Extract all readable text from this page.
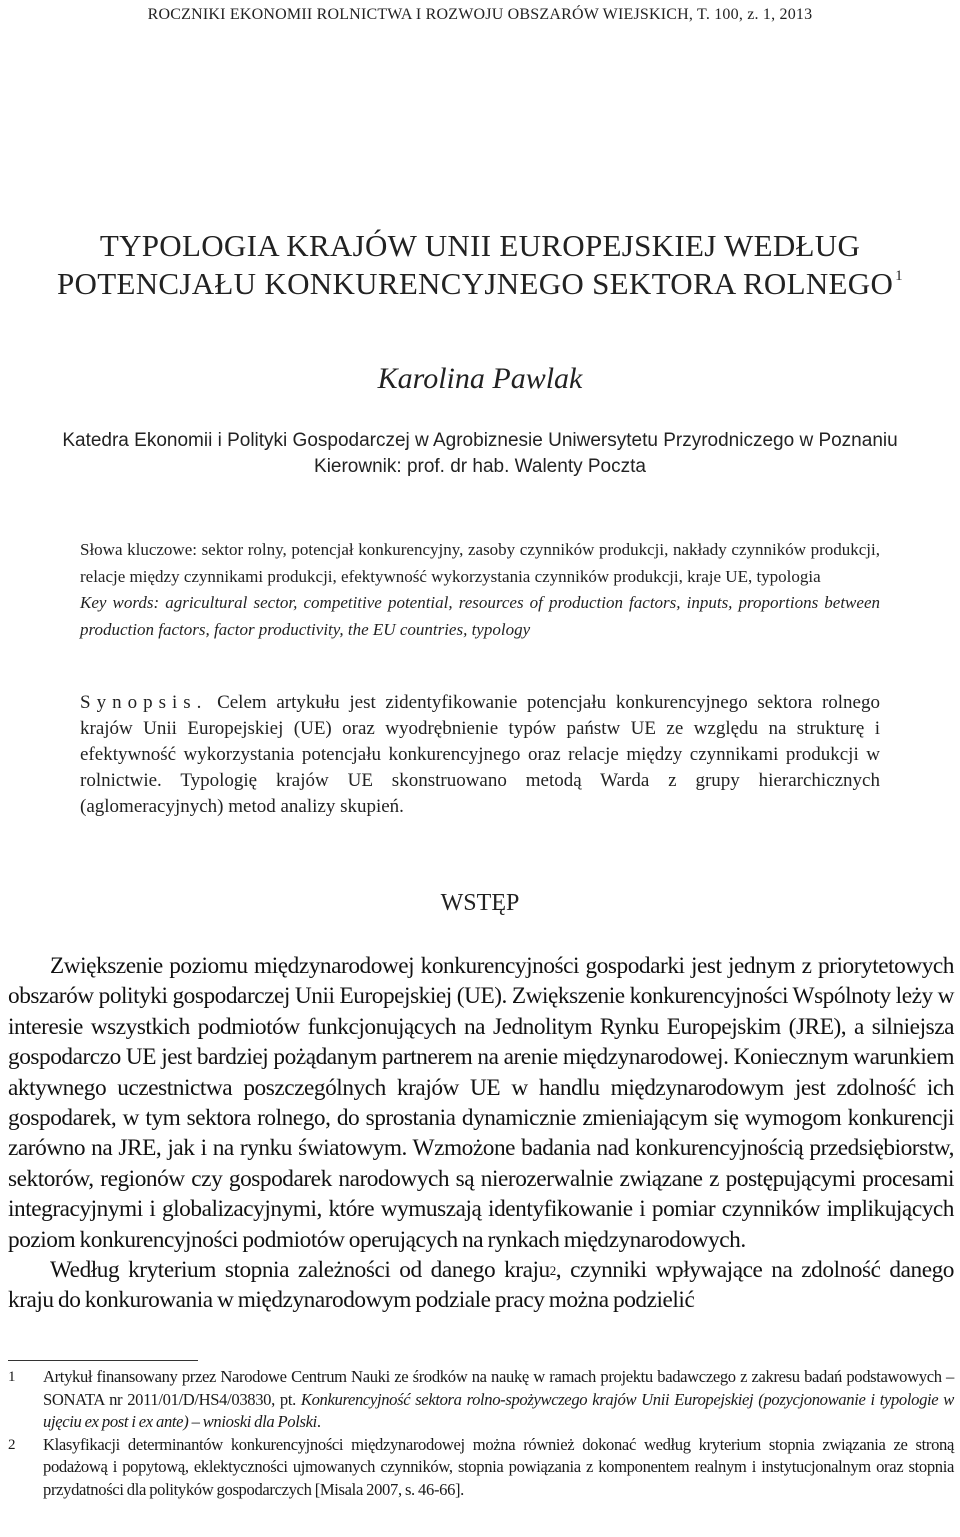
ROCZNIKI EKONOMII ROLNICTWA I ROZWOJU OBSZARÓW WIEJSKICH, T. 100, z. 1, 2013
TYPOLOGIA KRAJÓW UNII EUROPEJSKIEJ WEDŁUG
POTENCJAŁU KONKURENCYJNEGO SEKTORA ROLNEGO $^1$
Karolina Pawlak
Katedra Ekonomii i Polityki Gospodarczej w Agrobiznesie Uniwersytetu Przyrodniczego w Poznaniu
Kierownik: prof. dr hab. Walenty Poczta

Słowa kluczowe: sektor rolny, potencjał konkurencyjny, zasoby czynników produkcji, nakłady czynników produkcji, relacje między czynnikami produkcji, efektywność wykorzystania czynników produkcji, kraje UE, typologia

Key words: agricultural sector, competitive potential, resources of production factors, inputs, proportions between production factors, factor productivity, the EU countries, typology

Synopsis. Celem artykułu jest zidentyfikowanie potencjału konkurencyjnego sektora rolnego krajów Unii Europejskiej (UE) oraz wyodrębnienie typów państw UE ze względu na strukturę i efektywność wykorzystania potencjału konkurencyjnego oraz relacje między czynnikami produkcji w rolnictwie. Typologię krajów UE skonstruowano metodą Warda z grupy hierarchicznych (aglomeracyjnych) metod analizy skupień.
WSTĘP

Zwiększenie poziomu międzynarodowej konkurencyjności gospodarki jest jednym z priorytetowych obszarów polityki gospodarczej Unii Europejskiej (UE). Zwiększenie konkurencyjności Wspólnoty leży w interesie wszystkich podmiotów funkcjonujących na Jednolitym Rynku Europejskim (JRE), a silniejsza gospodarczo UE jest bardziej pożądanym partnerem na arenie międzynarodowej. Koniecznym warunkiem aktywnego uczestnictwa poszczególnych krajów UE w handlu międzynarodowym jest zdolność ich gospodarek, w tym sektora rolnego, do sprostania dynamicznie zmieniającym się wymogom konkurencji zarówno na JRE, jak i na rynku światowym. Wzmożone badania nad konkurencyjnością przedsiębiorstw, sektorów, regionów czy gospodarek narodowych są nierozerwalnie związane z postępującymi procesami integracyjnymi i globalizacyjnymi, które wymuszają identyfikowanie i pomiar czynników implikujących poziom konkurencyjności podmiotów operujących na rynkach międzynarodowych.

Według kryterium stopnia zależności od danego kraju$^2$, czynniki wpływające na zdolność danego kraju do konkurowania w międzynarodowym podziale pracy można podzielić

1 Artykuł finansowany przez Narodowe Centrum Nauki ze środków na naukę w ramach projektu badawczego z zakresu badań podstawowych – SONATA nr 2011/01/D/HS4/03830, pt. Konkurencyjność sektora rolno-spożywczego krajów Unii Europejskiej (pozycjonowanie i typologie w ujęciu ex post i ex ante) – wnioski dla Polski.
2 Klasyfikacji determinantów konkurencyjności międzynarodowej można również dokonać według kryterium stopnia związania ze stroną podażową i popytową, eklektyczności ujmowanych czynników, stopnia powiązania z komponentem realnym i instytucjonalnym oraz stopnia przydatności dla polityków gospodarczych [Misala 2007, s. 46-66].
